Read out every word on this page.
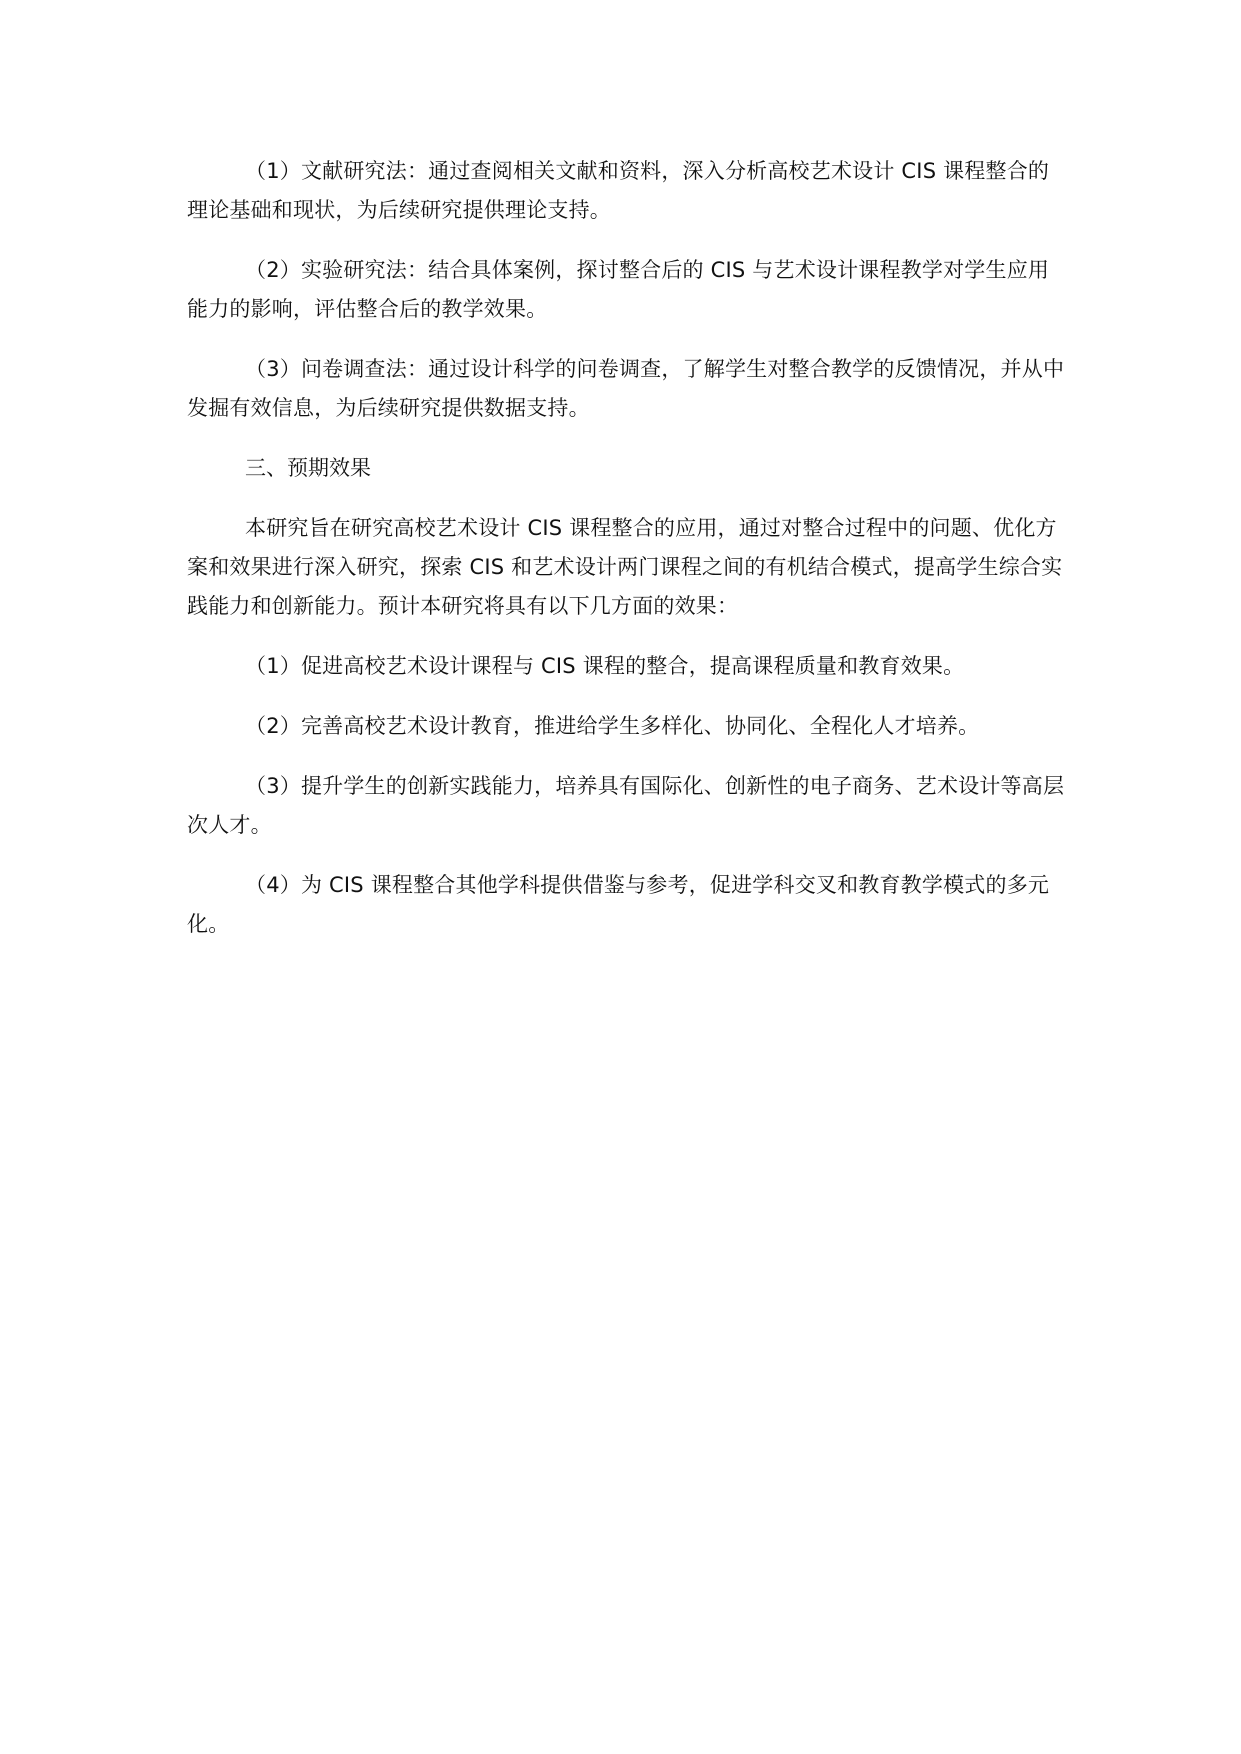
（1）文献研究法：通过查阅相关文献和资料，深入分析高校艺术设计 CIS 课程整合的理论基础和现状，为后续研究提供理论支持。

（2）实验研究法：结合具体案例，探讨整合后的 CIS 与艺术设计课程教学对学生应用能力的影响，评估整合后的教学效果。

（3）问卷调查法：通过设计科学的问卷调查，了解学生对整合教学的反馈情况，并从中发掘有效信息，为后续研究提供数据支持。

三、预期效果

本研究旨在研究高校艺术设计 CIS 课程整合的应用，通过对整合过程中的问题、优化方案和效果进行深入研究，探索 CIS 和艺术设计两门课程之间的有机结合模式，提高学生综合实践能力和创新能力。预计本研究将具有以下几方面的效果：

（1）促进高校艺术设计课程与 CIS 课程的整合，提高课程质量和教育效果。

（2）完善高校艺术设计教育，推进给学生多样化、协同化、全程化人才培养。

（3）提升学生的创新实践能力，培养具有国际化、创新性的电子商务、艺术设计等高层次人才。

（4）为 CIS 课程整合其他学科提供借鉴与参考，促进学科交叉和教育教学模式的多元化。
